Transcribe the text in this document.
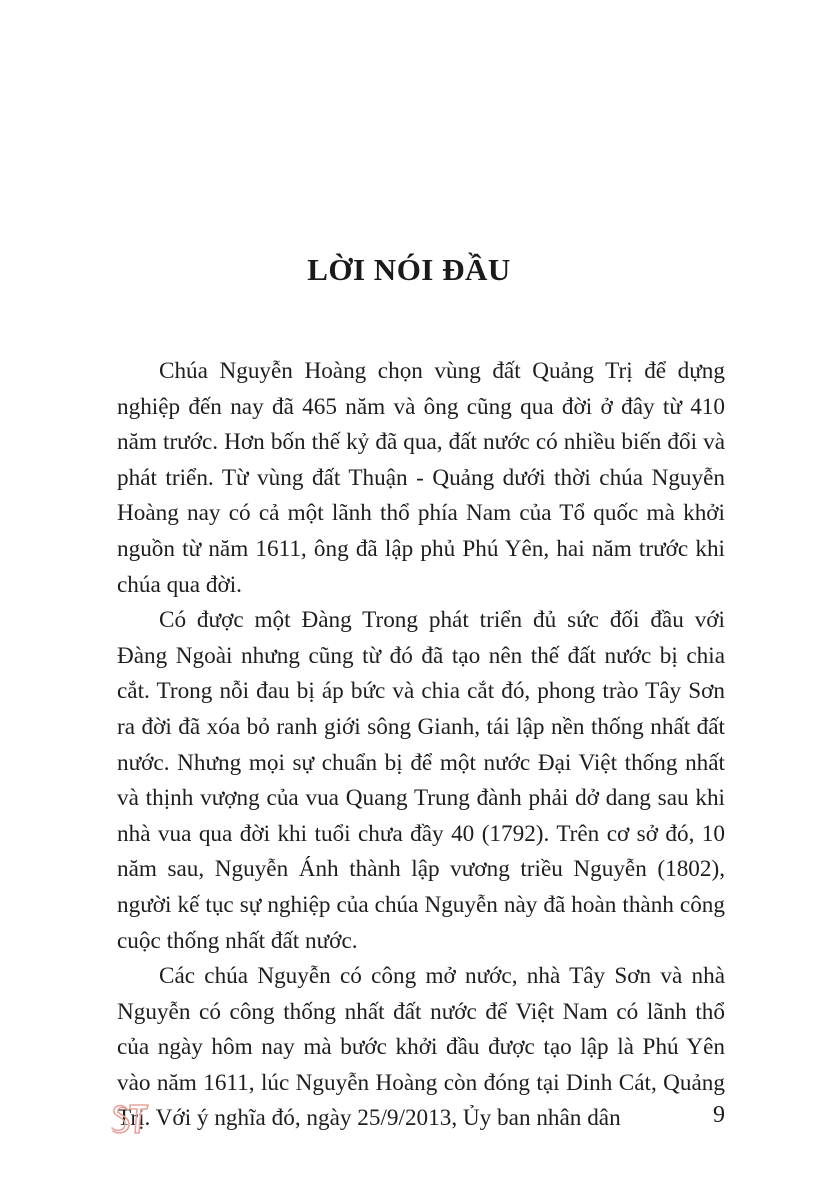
LỜI NÓI ĐẦU

Chúa Nguyễn Hoàng chọn vùng đất Quảng Trị để dựng nghiệp đến nay đã 465 năm và ông cũng qua đời ở đây từ 410 năm trước. Hơn bốn thế kỷ đã qua, đất nước có nhiều biến đổi và phát triển. Từ vùng đất Thuận - Quảng dưới thời chúa Nguyễn Hoàng nay có cả một lãnh thổ phía Nam của Tổ quốc mà khởi nguồn từ năm 1611, ông đã lập phủ Phú Yên, hai năm trước khi chúa qua đời.

Có được một Đàng Trong phát triển đủ sức đối đầu với Đàng Ngoài nhưng cũng từ đó đã tạo nên thế đất nước bị chia cắt. Trong nỗi đau bị áp bức và chia cắt đó, phong trào Tây Sơn ra đời đã xóa bỏ ranh giới sông Gianh, tái lập nền thống nhất đất nước. Nhưng mọi sự chuẩn bị để một nước Đại Việt thống nhất và thịnh vượng của vua Quang Trung đành phải dở dang sau khi nhà vua qua đời khi tuổi chưa đầy 40 (1792). Trên cơ sở đó, 10 năm sau, Nguyễn Ánh thành lập vương triều Nguyễn (1802), người kế tục sự nghiệp của chúa Nguyễn này đã hoàn thành công cuộc thống nhất đất nước.

Các chúa Nguyễn có công mở nước, nhà Tây Sơn và nhà Nguyễn có công thống nhất đất nước để Việt Nam có lãnh thổ của ngày hôm nay mà bước khởi đầu được tạo lập là Phú Yên vào năm 1611, lúc Nguyễn Hoàng còn đóng tại Dinh Cát, Quảng Trị. Với ý nghĩa đó, ngày 25/9/2013, Ủy ban nhân dân	9
